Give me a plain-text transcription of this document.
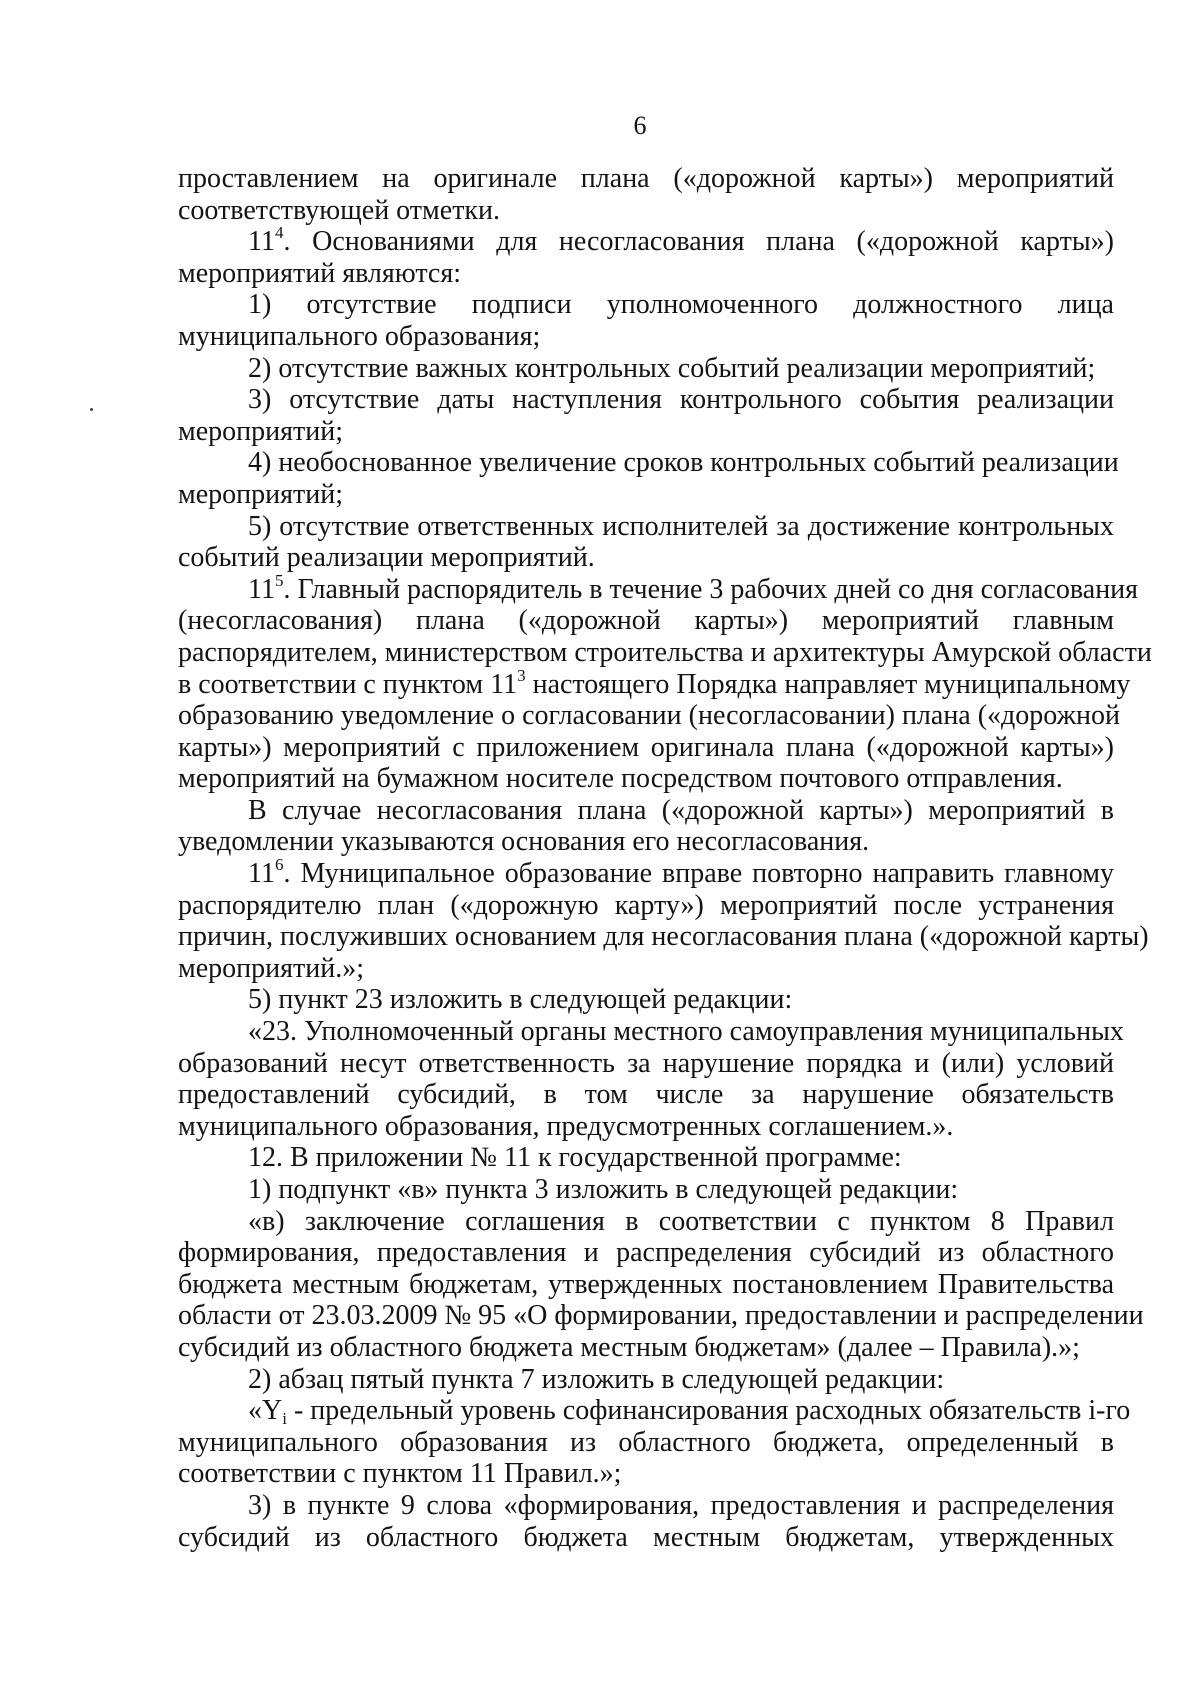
6
проставлением на оригинале плана («дорожной карты») мероприятий
соответствующей отметки.
$11^4$. Основаниями для несогласования плана («дорожной карты»)
мероприятий являются:
1) отсутствие подписи уполномоченного должностного лица
муниципального образования;
2) отсутствие важных контрольных событий реализации мероприятий;
3) отсутствие даты наступления контрольного события реализации
мероприятий;
4) необоснованное увеличение сроков контрольных событий реализации
мероприятий;
5) отсутствие ответственных исполнителей за достижение контрольных
событий реализации мероприятий.
$11^5$. Главный распорядитель в течение 3 рабочих дней со дня согласования
(несогласования) плана («дорожной карты») мероприятий главным
распорядителем, министерством строительства и архитектуры Амурской области
в соответствии с пунктом $11^3$ настоящего Порядка направляет муниципальному
образованию уведомление о согласовании (несогласовании) плана («дорожной
карты») мероприятий с приложением оригинала плана («дорожной карты»)
мероприятий на бумажном носителе посредством почтового отправления.
В случае несогласования плана («дорожной карты») мероприятий в
уведомлении указываются основания его несогласования.
$11^6$. Муниципальное образование вправе повторно направить главному
распорядителю план («дорожную карту») мероприятий после устранения
причин, послуживших основанием для несогласования плана («дорожной карты)
мероприятий.»;
5) пункт 23 изложить в следующей редакции:
«23. Уполномоченный органы местного самоуправления муниципальных
образований несут ответственность за нарушение порядка и (или) условий
предоставлений субсидий, в том числе за нарушение обязательств
муниципального образования, предусмотренных соглашением.».
12. В приложении № 11 к государственной программе:
1) подпункт «в» пункта 3 изложить в следующей редакции:
«в) заключение соглашения в соответствии с пунктом 8 Правил
формирования, предоставления и распределения субсидий из областного
бюджета местным бюджетам, утвержденных постановлением Правительства
области от 23.03.2009 № 95 «О формировании, предоставлении и распределении
субсидий из областного бюджета местным бюджетам» (далее – Правила).»;
2) абзац пятый пункта 7 изложить в следующей редакции:
«$Y_i$ - предельный уровень софинансирования расходных обязательств i-го
муниципального образования из областного бюджета, определенный в
соответствии с пунктом 11 Правил.»;
3) в пункте 9 слова «формирования, предоставления и распределения
субсидий из областного бюджета местным бюджетам, утвержденных
